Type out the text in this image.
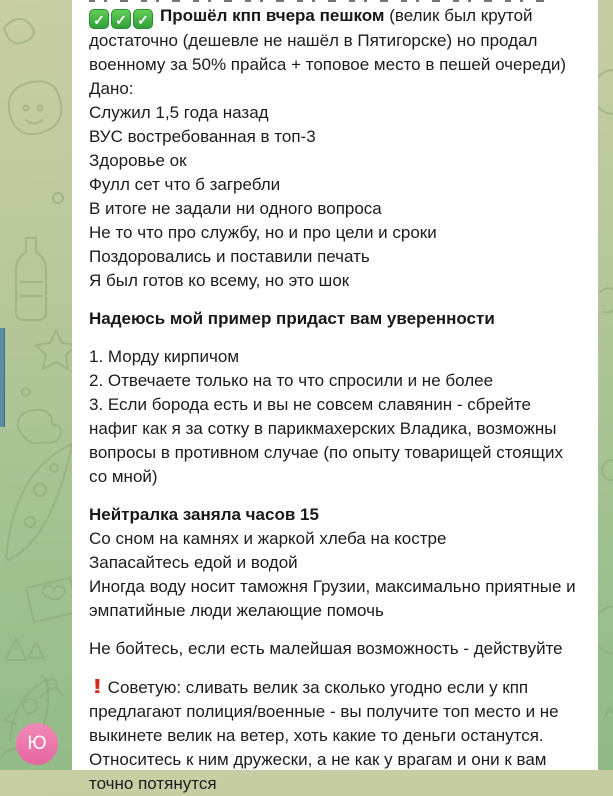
✓ ✓ ✓ Прошёл кпп вчера пешком (велик был крутой достаточно (дешевле не нашёл в Пятигорске) но продал военному за 50% прайса + топовое место в пешей очереди)
Дано:
Служил 1,5 года назад
ВУС востребованная в топ-3
Здоровье ок
Фулл сет что б загребли
В итоге не задали ни одного вопроса
Не то что про службу, но и про цели и сроки
Поздоровались и поставили печать
Я был готов ко всему, но это шок

Надеюсь мой пример придаст вам уверенности

1. Морду кирпичом
2. Отвечаете только на то что спросили и не более
3. Если борода есть и вы не совсем славянин - сбрейте нафиг как я за сотку в парикмахерских Владика, возможны вопросы в противном случае (по опыту товарищей стоящих со мной)

Нейтралка заняла часов 15
Со сном на камнях и жаркой хлеба на костре
Запасайтесь едой и водой
Иногда воду носит таможня Грузии, максимально приятные и эмпатийные люди желающие помочь

Не бойтесь, если есть малейшая возможность - действуйте

! Советую: сливать велик за сколько угодно если у кпп предлагают полиция/военные - вы получите топ место и не выкинете велик на ветер, хоть какие то деньги останутся. Относитесь к ним дружески, а не как у врагам и они к вам точно потянутся

Ю
